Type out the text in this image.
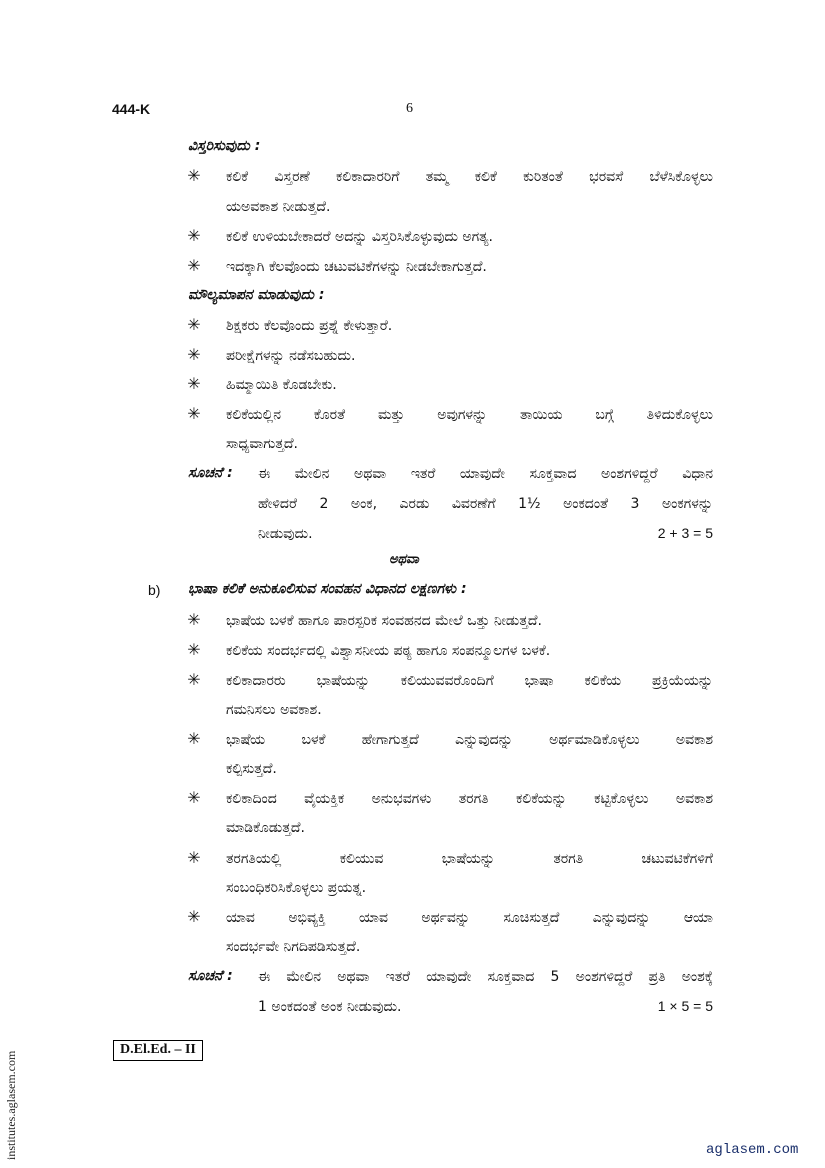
444-K	6
ವಿಸ್ತರಿಸುವುದು :
✳ ಕಲಿಕೆ ವಿಸ್ತರಣೆ ಕಲಿಕಾದಾರರಿಗೆ ತಮ್ಮ ಕಲಿಕೆ ಕುರಿತಂತೆ ಭರವಸೆ ಬೆಳೆಸಿಕೊಳ್ಳಲು
ಯಅವಕಾಶ ನೀಡುತ್ತದೆ.
✳ ಕಲಿಕೆ ಉಳಿಯಬೇಕಾದರೆ ಅದನ್ನು ವಿಸ್ತರಿಸಿಕೊಳ್ಳುವುದು ಅಗತ್ಯ.
✳ ಇದಕ್ಕಾಗಿ ಕೆಲವೊಂದು ಚಟುವಟಿಕೆಗಳನ್ನು ನೀಡಬೇಕಾಗುತ್ತದೆ.
ಮೌಲ್ಯಮಾಪನ ಮಾಡುವುದು :
✳ ಶಿಕ್ಷಕರು ಕೆಲವೊಂದು ಪ್ರಶ್ನೆ ಕೇಳುತ್ತಾರೆ.
✳ ಪರೀಕ್ಷೆಗಳನ್ನು ನಡೆಸಬಹುದು.
✳ ಹಿಮ್ಮಾಯಿತಿ ಕೊಡಬೇಕು.
✳ ಕಲಿಕೆಯಲ್ಲಿನ ಕೊರತೆ ಮತ್ತು ಅವುಗಳನ್ನು ತಾಯಿಯ ಬಗ್ಗೆ ತಿಳಿದುಕೊಳ್ಳಲು
ಸಾಧ್ಯವಾಗುತ್ತದೆ.
ಸೂಚನೆ : ಈ ಮೇಲಿನ ಅಥವಾ ಇತರೆ ಯಾವುದೇ ಸೂಕ್ತವಾದ ಅಂಶಗಳಿದ್ದರೆ ವಿಧಾನ
ಹೇಳಿದರೆ 2 ಅಂಕ, ಎರಡು ವಿವರಣೆಗೆ 1½ ಅಂಕದಂತೆ 3 ಅಂಕಗಳನ್ನು
ನೀಡುವುದು.	2 + 3 = 5
ಅಥವಾ
b) ಭಾಷಾ ಕಲಿಕೆ ಅನುಕೂಲಿಸುವ ಸಂವಹನ ವಿಧಾನದ ಲಕ್ಷಣಗಳು :
✳ ಭಾಷೆಯ ಬಳಕೆ ಹಾಗೂ ಪಾರಸ್ಪರಿಕ ಸಂವಹನದ ಮೇಲೆ ಒತ್ತು ನೀಡುತ್ತದೆ.
✳ ಕಲಿಕೆಯ ಸಂದರ್ಭದಲ್ಲಿ ವಿಶ್ವಾಸನೀಯ ಪಠ್ಯ ಹಾಗೂ ಸಂಪನ್ಮೂಲಗಳ ಬಳಕೆ.
✳ ಕಲಿಕಾದಾರರು ಭಾಷೆಯನ್ನು ಕಲಿಯುವವರೊಂದಿಗೆ ಭಾಷಾ ಕಲಿಕೆಯ ಪ್ರಕ್ರಿಯೆಯನ್ನು
ಗಮನಿಸಲು ಅವಕಾಶ.
✳ ಭಾಷೆಯ ಬಳಕೆ ಹೇಗಾಗುತ್ತದೆ ಎನ್ನುವುದನ್ನು ಅರ್ಥಮಾಡಿಕೊಳ್ಳಲು ಅವಕಾಶ
ಕಲ್ಪಿಸುತ್ತದೆ.
✳ ಕಲಿಕಾದಿಂದ ವೈಯಕ್ತಿಕ ಅನುಭವಗಳು ತರಗತಿ ಕಲಿಕೆಯನ್ನು ಕಟ್ಟಿಕೊಳ್ಳಲು ಅವಕಾಶ
ಮಾಡಿಕೊಡುತ್ತದೆ.
✳ ತರಗತಿಯಲ್ಲಿ ಕಲಿಯುವ ಭಾಷೆಯನ್ನು ತರಗತಿ ಚಟುವಟಿಕೆಗಳಿಗೆ
ಸಂಬಂಧಿಕರಿಸಿಕೊಳ್ಳಲು ಪ್ರಯತ್ನ.
✳ ಯಾವ ಅಭಿವ್ಯಕ್ತಿ ಯಾವ ಅರ್ಥವನ್ನು ಸೂಚಿಸುತ್ತದೆ ಎನ್ನುವುದನ್ನು ಆಯಾ
ಸಂದರ್ಭವೇ ನಿಗದಿಪಡಿಸುತ್ತದೆ.
ಸೂಚನೆ : ಈ ಮೇಲಿನ ಅಥವಾ ಇತರೆ ಯಾವುದೇ ಸೂಕ್ತವಾದ 5 ಅಂಶಗಳಿದ್ದರೆ ಪ್ರತಿ ಅಂಶಕ್ಕೆ
1 ಅಂಕದಂತೆ ಅಂಕ ನೀಡುವುದು.	1 × 5 = 5
D.El.Ed. – II
institutes.aglasem.com	aglasem.com
